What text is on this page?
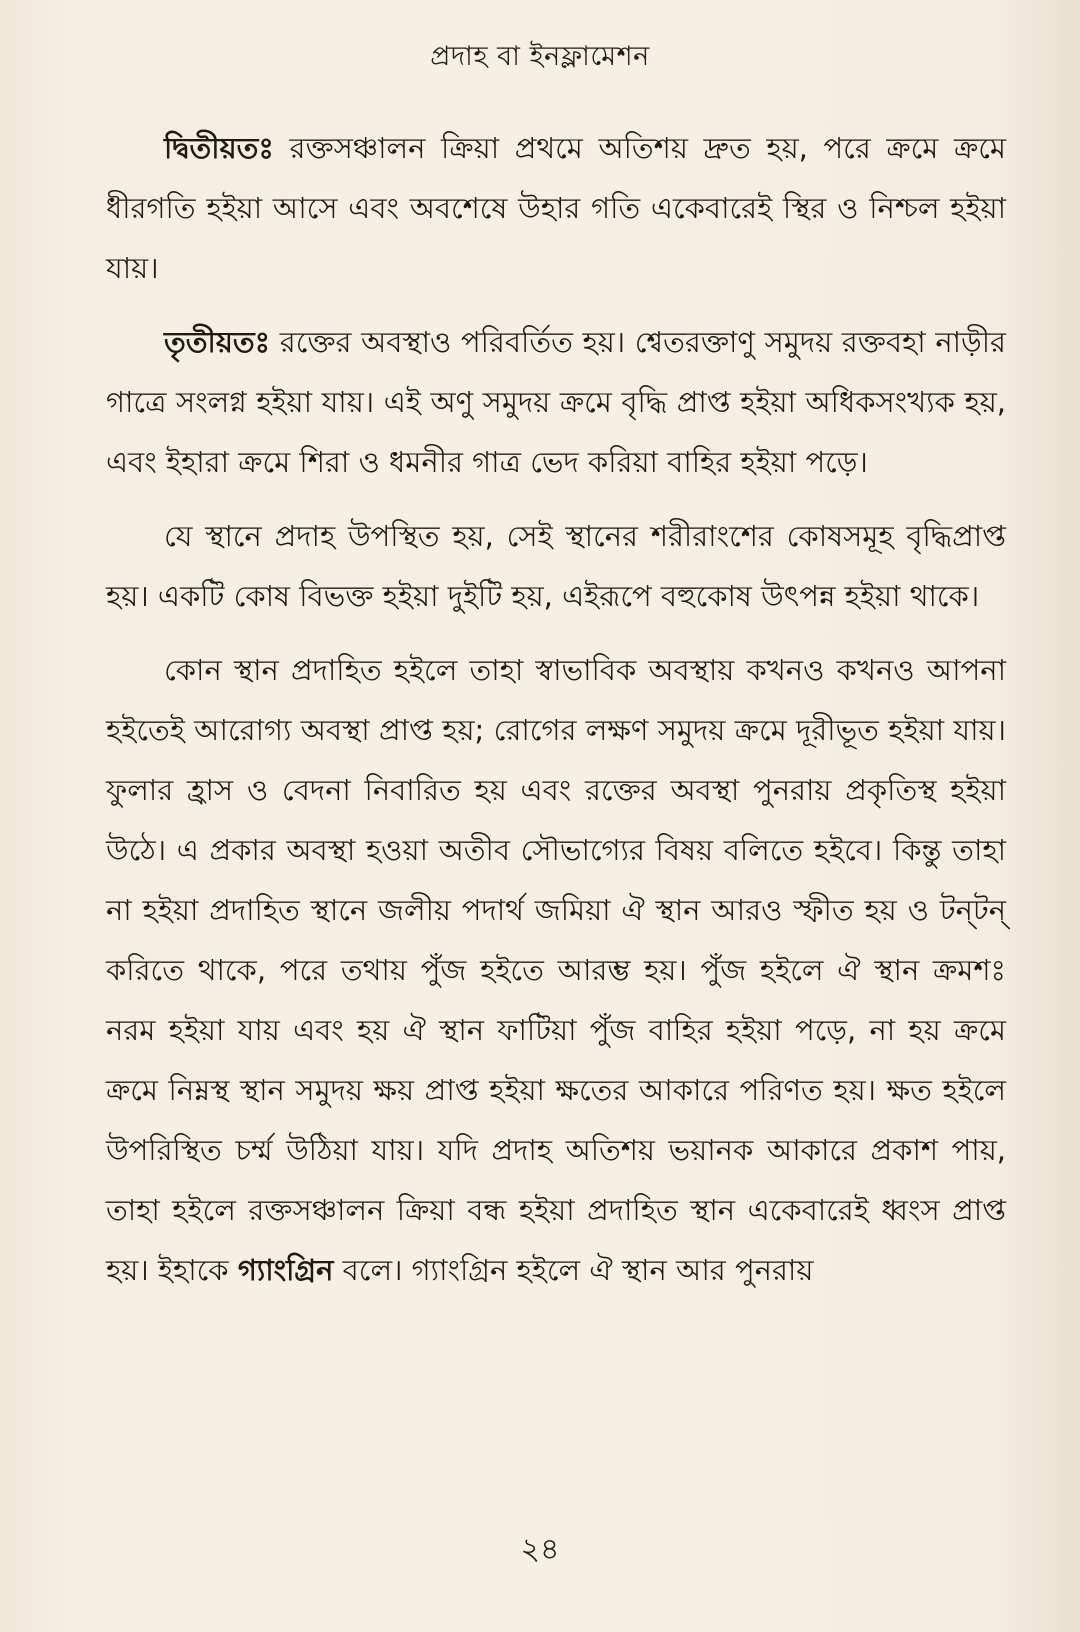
প্রদাহ বা ইনফ্লামেশন

দ্বিতীয়তঃ রক্তসঞ্চালন ক্রিয়া প্রথমে অতিশয় দ্রুত হয়, পরে ক্রমে ক্রমে ধীরগতি হইয়া আসে এবং অবশেষে উহার গতি একেবারেই স্থির ও নিশ্চল হইয়া যায়।

তৃতীয়তঃ রক্তের অবস্থাও পরিবর্তিত হয়। শ্বেতরক্তাণু সমুদয় রক্তবহা নাড়ীর গাত্রে সংলগ্ন হইয়া যায়। এই অণু সমুদয় ক্রমে বৃদ্ধি প্রাপ্ত হইয়া অধিকসংখ্যক হয়, এবং ইহারা ক্রমে শিরা ও ধমনীর গাত্র ভেদ করিয়া বাহির হইয়া পড়ে।

যে স্থানে প্রদাহ উপস্থিত হয়, সেই স্থানের শরীরাংশের কোষসমূহ বৃদ্ধিপ্রাপ্ত হয়। একটি কোষ বিভক্ত হইয়া দুইটি হয়, এইরূপে বহুকোষ উৎপন্ন হইয়া থাকে।

কোন স্থান প্রদাহিত হইলে তাহা স্বাভাবিক অবস্থায় কখনও কখনও আপনা হইতেই আরোগ্য অবস্থা প্রাপ্ত হয়; রোগের লক্ষণ সমুদয় ক্রমে দূরীভূত হইয়া যায়। ফুলার হ্রাস ও বেদনা নিবারিত হয় এবং রক্তের অবস্থা পুনরায় প্রকৃতিস্থ হইয়া উঠে। এ প্রকার অবস্থা হওয়া অতীব সৌভাগ্যের বিষয় বলিতে হইবে। কিন্তু তাহা না হইয়া প্রদাহিত স্থানে জলীয় পদার্থ জমিয়া ঐ স্থান আরও স্ফীত হয় ও টন্‌টন্ করিতে থাকে, পরে তথায় পুঁজ হইতে আরম্ভ হয়। পুঁজ হইলে ঐ স্থান ক্রমশঃ নরম হইয়া যায় এবং হয় ঐ স্থান ফাটিয়া পুঁজ বাহির হইয়া পড়ে, না হয় ক্রমে ক্রমে নিম্নস্থ স্থান সমুদয় ক্ষয় প্রাপ্ত হইয়া ক্ষতের আকারে পরিণত হয়। ক্ষত হইলে উপরিস্থিত চর্ম্ম উঠিয়া যায়। যদি প্রদাহ অতিশয় ভয়ানক আকারে প্রকাশ পায়, তাহা হইলে রক্তসঞ্চালন ক্রিয়া বন্ধ হইয়া প্রদাহিত স্থান একেবারেই ধ্বংস প্রাপ্ত হয়। ইহাকে গ্যাংগ্রিন বলে। গ্যাংগ্রিন হইলে ঐ স্থান আর পুনরায়

২৪
